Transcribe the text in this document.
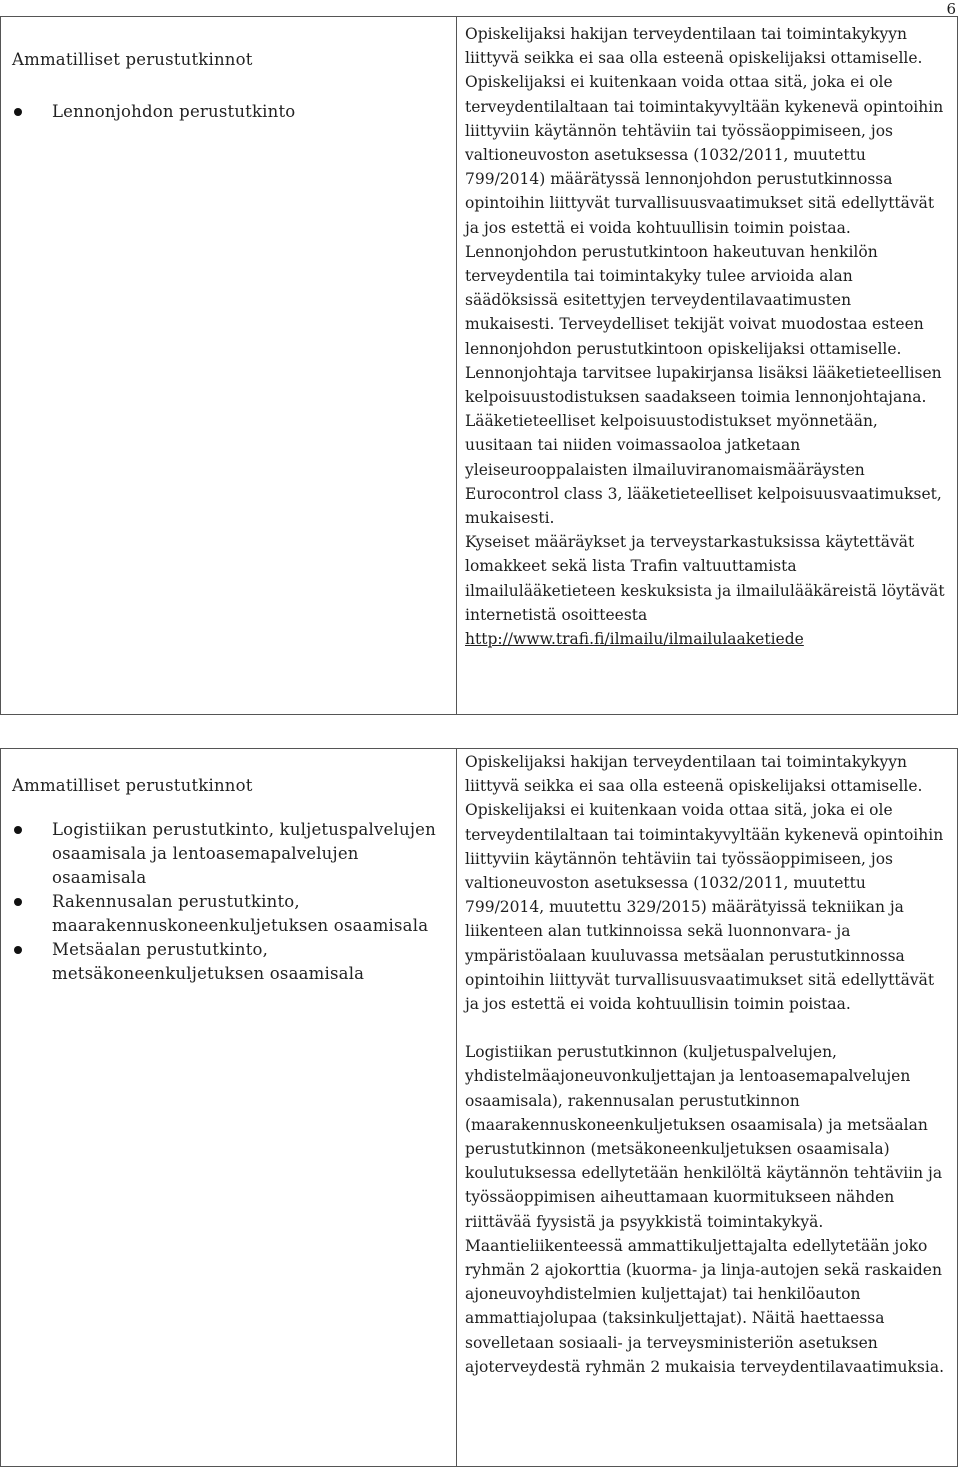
6
Ammatilliset perustutkinnot
Lennonjohdon perustutkinto

Opiskelijaksi hakijan terveydentilaan tai toimintakykyyn liittyvä seikka ei saa olla esteenä opiskelijaksi ottamiselle. Opiskelijaksi ei kuitenkaan voida ottaa sitä, joka ei ole terveydentilaltaan tai toimintakyvyltään kykenevä opintoihin liittyviin käytännön tehtäviin tai työssäoppimiseen, jos valtioneuvoston asetuksessa (1032/2011, muutettu 799/2014) määrätyssä lennonjohdon perustutkinnossa opintoihin liittyvät turvallisuusvaatimukset sitä edellyttävät ja jos estettä ei voida kohtuullisin toimin poistaa.

Lennonjohdon perustutkintoon hakeutuvan henkilön terveydentila tai toimintakyky tulee arvioida alan säädöksissä esitettyjen terveydentilavaatimusten mukaisesti. Terveydelliset tekijät voivat muodostaa esteen lennonjohdon perustutkintoon opiskelijaksi ottamiselle.

Lennonjohtaja tarvitsee lupakirjansa lisäksi lääketieteellisen kelpoisuustodistuksen saadakseen toimia lennonjohtajana.

Lääketieteelliset kelpoisuustodistukset myönnetään, uusitaan tai niiden voimassaoloa jatketaan yleiseurooppalaisten ilmailuviranomaismääräysten Eurocontrol class 3, lääketieteelliset kelpoisuusvaatimukset, mukaisesti.

Kyseiset määräykset ja terveystarkastuksissa käytettävät lomakkeet sekä lista Trafin valtuuttamista ilmailulääketieteen keskuksista ja ilmailulääkäreistä löytävät internetistä osoitteesta

http://www.trafi.fi/ilmailu/ilmailulaaketiede

Ammatilliset perustutkinnot
Logistiikan perustutkinto, kuljetuspalvelujen osaamisala ja lentoasemapalvelujen osaamisala
Rakennusalan perustutkinto, maarakennuskoneenkuljetuksen osaamisala
Metsäalan perustutkinto, metsäkoneenkuljetuksen osaamisala

Opiskelijaksi hakijan terveydentilaan tai toimintakykyyn liittyvä seikka ei saa olla esteenä opiskelijaksi ottamiselle. Opiskelijaksi ei kuitenkaan voida ottaa sitä, joka ei ole terveydentilaltaan tai toimintakyvyltään kykenevä opintoihin liittyviin käytännön tehtäviin tai työssäoppimiseen, jos valtioneuvoston asetuksessa (1032/2011, muutettu 799/2014, muutettu 329/2015) määrätyissä tekniikan ja liikenteen alan tutkinnoissa sekä luonnonvara- ja ympäristöalaan kuuluvassa metsäalan perustutkinnossa opintoihin liittyvät turvallisuusvaatimukset sitä edellyttävät ja jos estettä ei voida kohtuullisin toimin poistaa.

Logistiikan perustutkinnon (kuljetuspalvelujen, yhdistelmäajoneuvonkuljettajan ja lentoasemapalvelujen osaamisala), rakennusalan perustutkinnon (maarakennuskoneenkuljetuksen osaamisala) ja metsäalan perustutkinnon (metsäkoneenkuljetuksen osaamisala) koulutuksessa edellytetään henkilöltä käytännön tehtäviin ja työssäoppimisen aiheuttamaan kuormitukseen nähden riittävää fyysistä ja psyykkistä toimintakykyä.

Maantieliikenteessä ammattikuljettajalta edellytetään joko ryhmän 2 ajokorttia (kuorma- ja linja-autojen sekä raskaiden ajoneuvoyhdistelmien kuljettajat) tai henkilöauton ammattiajolupaa (taksinkuljettajat). Näitä haettaessa sovelletaan sosiaali- ja terveysministeriön asetuksen ajoterveydestä ryhmän 2 mukaisia terveydentilavaatimuksia.
